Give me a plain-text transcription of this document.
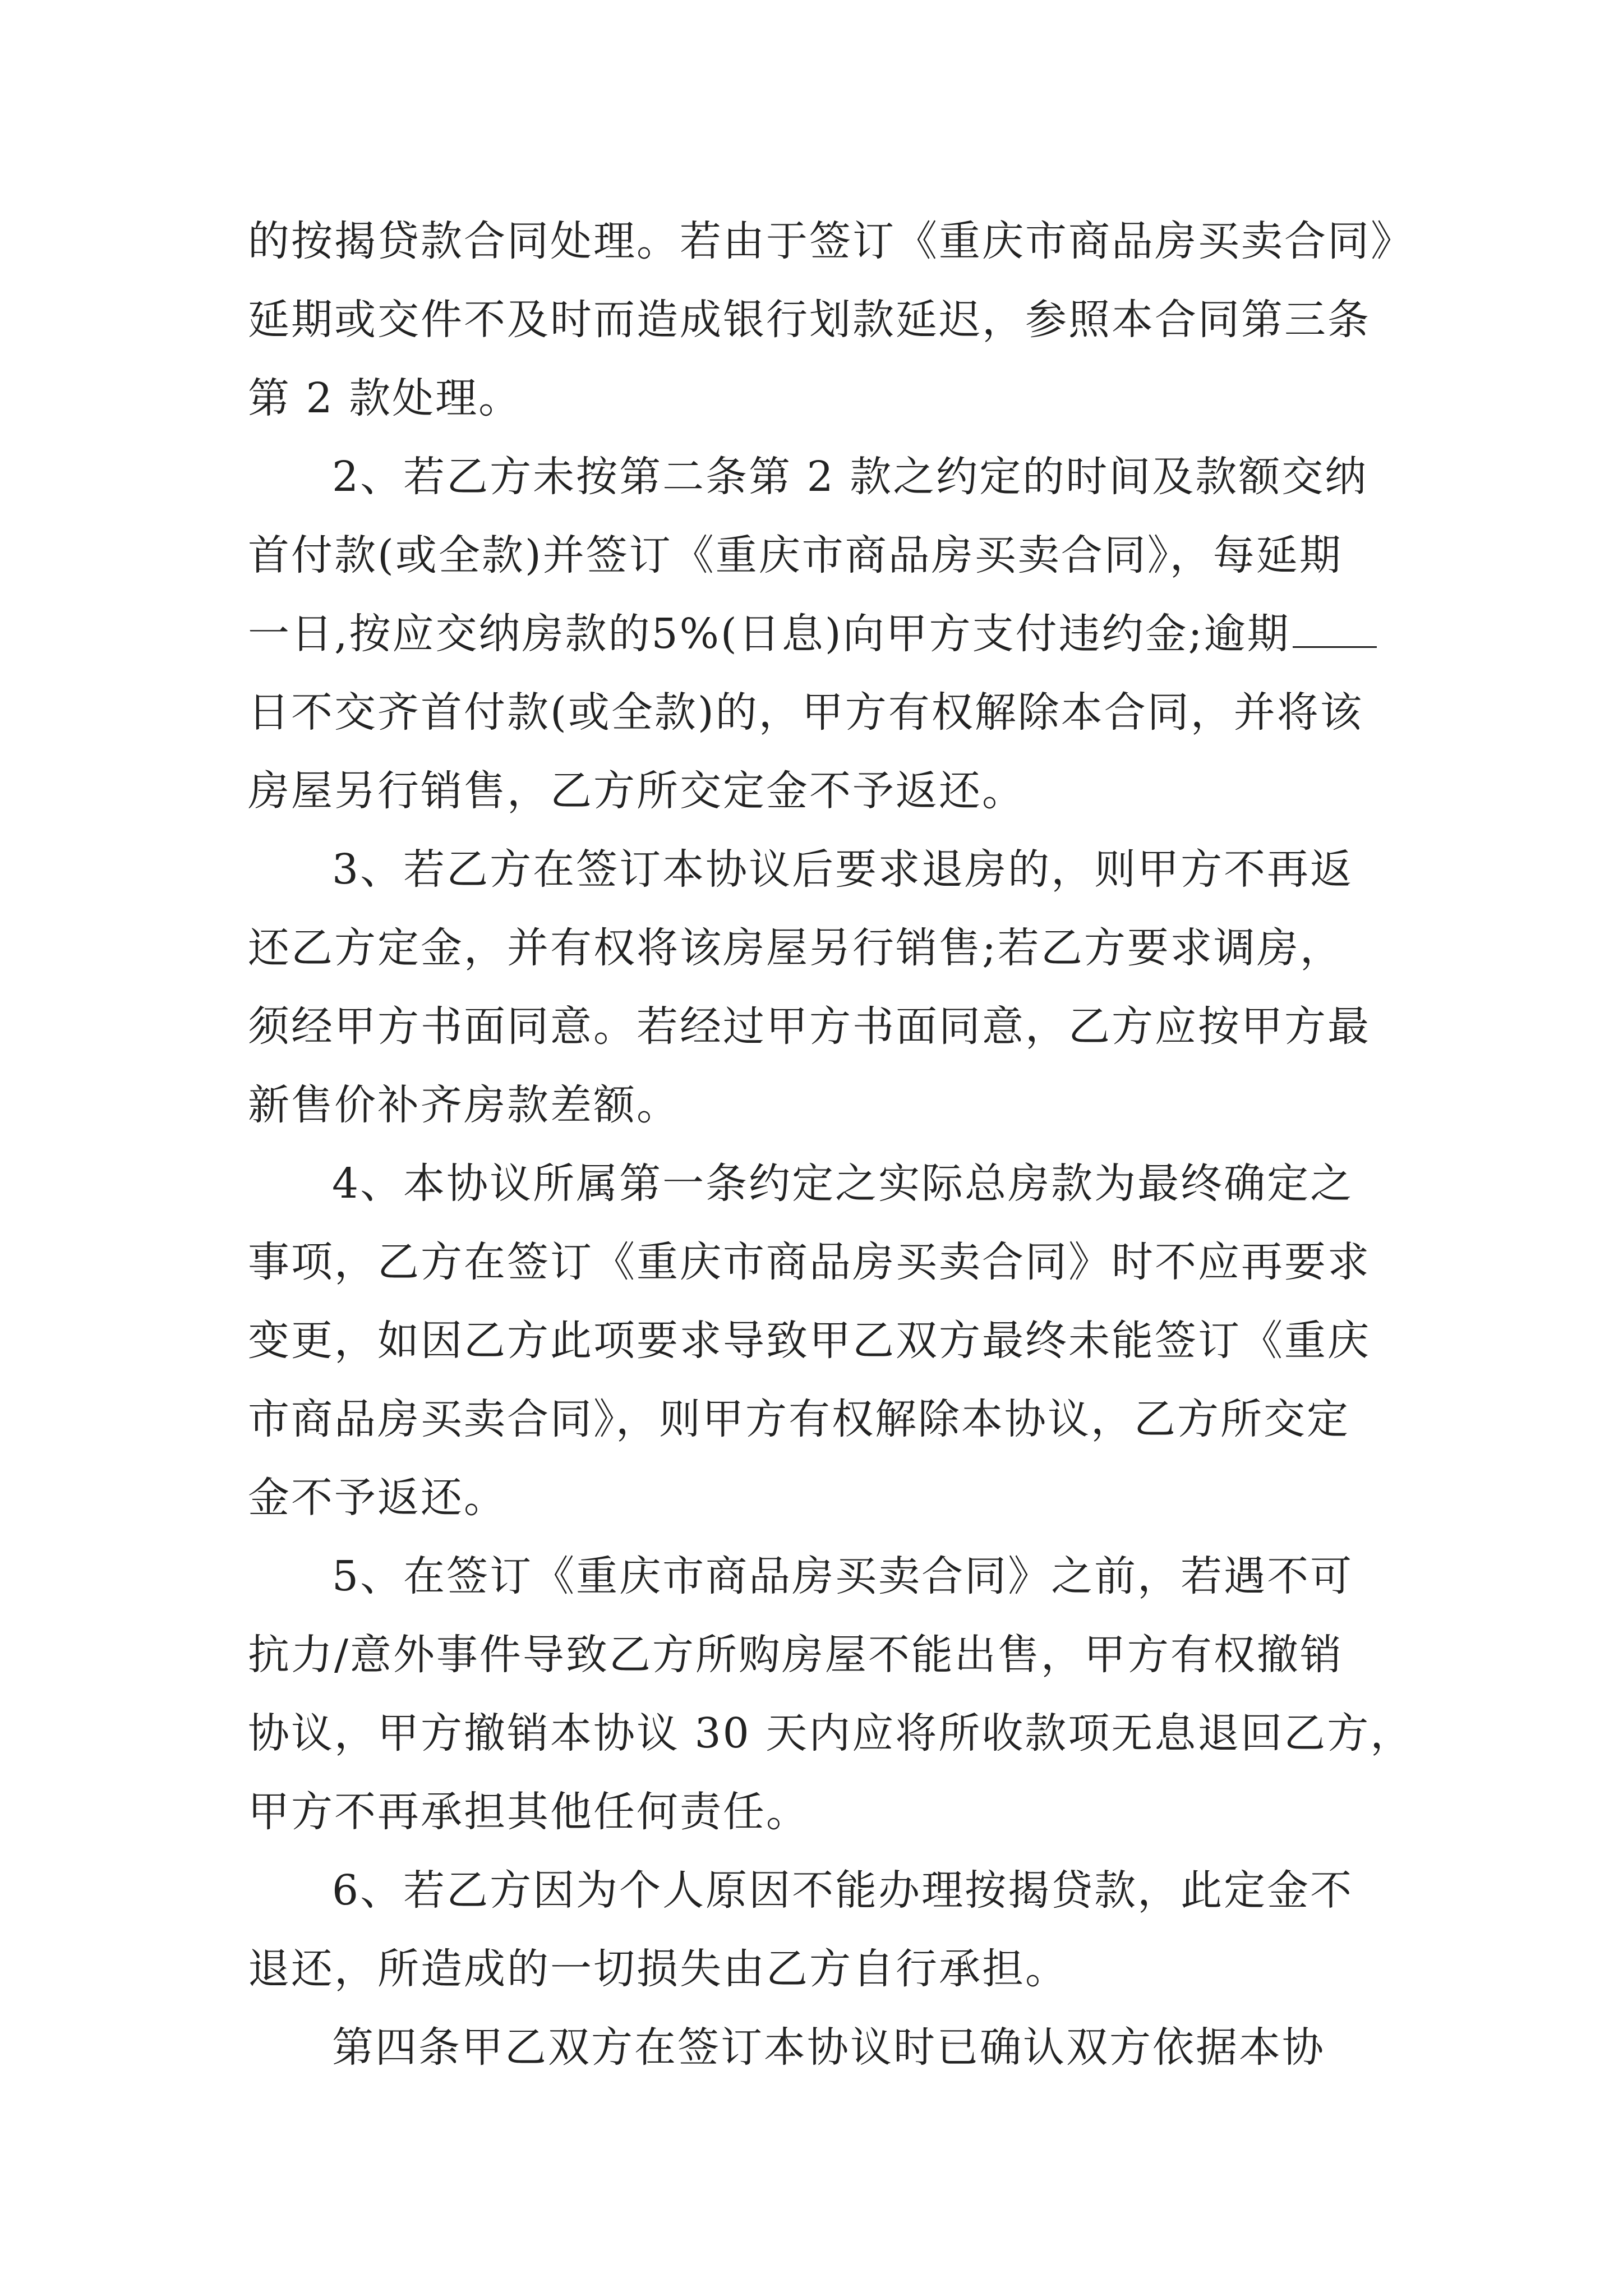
的按揭贷款合同处理。若由于签订《重庆市商品房买卖合同》
延期或交件不及时而造成银行划款延迟，参照本合同第三条
第 2 款处理。
2、若乙方未按第二条第 2 款之约定的时间及款额交纳
首付款(或全款)并签订《重庆市商品房买卖合同》，每延期
一日,按应交纳房款的5%(日息)向甲方支付违约金;逾期
日不交齐首付款(或全款)的，甲方有权解除本合同，并将该
房屋另行销售，乙方所交定金不予返还。
3、若乙方在签订本协议后要求退房的，则甲方不再返
还乙方定金，并有权将该房屋另行销售;若乙方要求调房，
须经甲方书面同意。若经过甲方书面同意，乙方应按甲方最
新售价补齐房款差额。
4、本协议所属第一条约定之实际总房款为最终确定之
事项，乙方在签订《重庆市商品房买卖合同》时不应再要求
变更，如因乙方此项要求导致甲乙双方最终未能签订《重庆
市商品房买卖合同》，则甲方有权解除本协议，乙方所交定
金不予返还。
5、在签订《重庆市商品房买卖合同》之前，若遇不可
抗力/意外事件导致乙方所购房屋不能出售，甲方有权撤销
协议，甲方撤销本协议 30 天内应将所收款项无息退回乙方，
甲方不再承担其他任何责任。
6、若乙方因为个人原因不能办理按揭贷款，此定金不
退还，所造成的一切损失由乙方自行承担。
第四条甲乙双方在签订本协议时已确认双方依据本协
